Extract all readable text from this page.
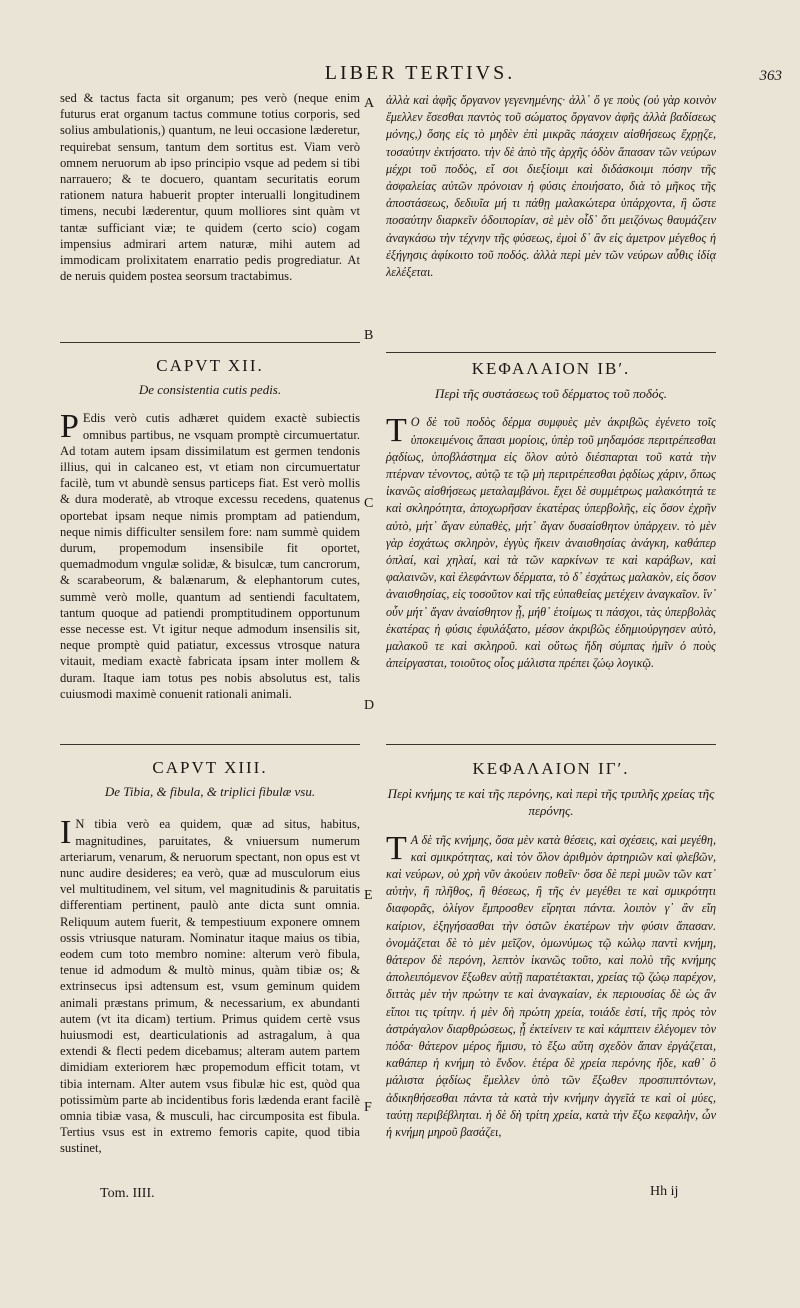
LIBER TERTIVS.	363

sed & tactus facta sit organum; pes verò (neque enim futurus erat organum tactus commune totius corporis, sed solius ambulationis,) quantum, ne leui occasione læderetur, requirebat sensum, tantum dem sortitus est. Viam verò omnem neruorum ab ipso principio vsque ad pedem si tibi narrauero; & te docuero, quantam securitatis eorum rationem natura habuerit propter interualli longitudinem timens, necubi læderentur, quum molliores sint quàm vt tantæ sufficiant viæ; te quidem (certo scio) cogam impensius admirari artem naturæ, mihi autem ad immodicam prolixitatem enarratio pedis progrediatur. At de neruis quidem postea seorsum tractabimus.

A ἀλλὰ καὶ ἁφῆς ὄργανον γεγενημένης· ἀλλ᾽ ὅ γε ποὺς (οὐ γὰρ κοινὸν ἔμελλεν ἔσεσθαι παντὸς τοῦ σώματος ὄργανον ἁφῆς ἀλλὰ βαδίσεως μόνης,) ὅσης εἰς τὸ μηδὲν ἐπὶ μικρᾶς πάσχειν αἰσθήσεως ἔχρῃζε, τοσαύτην ἐκτήσατο. τὴν δὲ ἀπὸ τῆς ἀρχῆς ὁδὸν ἅπασαν τῶν νεύρων μέχρι τοῦ ποδὸς, εἴ σοι διεξίοιμι καὶ διδάσκοιμι πόσην τῆς ἀσφαλείας αὐτῶν πρόνοιαν ἡ φύσις ἐποιήσατο, διὰ τὸ μῆκος τῆς ἀποστάσεως, δεδιυῖα μή τι πάθῃ μαλακώτερα ὑπάρχοντα, ἢ ὥστε ποσαύτην διαρκεῖν ὁδοιπορίαν, σὲ μὲν οἶδ᾽ ὅτι μειζόνως θαυμάζειν ἀναγκάσω τὴν τέχνην τῆς φύσεως, ἐμοὶ δ᾽ ἂν εἰς ἀμετρον μέγεθος ἡ ἐξήγησις ἀφίκοιτο τοῦ ποδός. ἀλλὰ περὶ μὲν τῶν νεύρων αὖθις ἰδίᾳ λελέξεται.

B

CAPVT XII.

De consistentia cutis pedis.

P Edis verò cutis adhæret quidem exactè subiectis omnibus partibus, ne vsquam promptè circumuertatur. Ad totam autem ipsam dissimilatum est germen tendonis illius, qui in calcaneo est, vt etiam non circumuertatur facilè, tum vt abundè sensus particeps fiat. Est verò mollis & dura moderatè, ab vtroque excessu recedens, quatenus oportebat ipsam neque nimis promptam ad patiendum, neque nimis difficulter sensilem fore: nam summè quidem durum, propemodum insensibile fit oportet, quemadmodum vngulæ solidæ, & bisulcæ, tum cancrorum, & scarabeorum, & balænarum, & elephantorum cutes, summè verò molle, quantum ad sentiendi facultatem, tantum quoque ad patiendi promptitudinem opportunum esse necesse est. Vt igitur neque admodum insensilis sit, neque promptè quid patiatur, excessus vtrosque natura vitauit, mediam exactè fabricata ipsam inter mollem & duram. Itaque iam totus pes nobis absolutus est, talis cuiusmodi maximè conuenit rationali animali.

ΚΕΦΑΛΑΙΟΝ ΙΒʹ.

Περὶ τῆς συστάσεως τοῦ δέρματος τοῦ ποδός.

Τ Ο δὲ τοῦ ποδὸς δέρμα συμφυὲς μὲν ἀκριβῶς ἐγένετο τοῖς ὑποκειμένοις ἅπασι μορίοις, ὑπὲρ τοῦ μηδαμόσε περιτρέπεσθαι ῥᾳδίως, ὑποβλάστημα εἰς ὅλον αὐτὸ διέσπαρται τοῦ κατὰ τὴν πτέρναν τένοντος, αὐτῷ τε τῷ μὴ περιτρέπεσθαι ῥᾳδίως χάριν, ὅπως ἱκανῶς αἰσθήσεως μεταλαμβάνοι. ἔχει δὲ συμμέτρως μαλακότητά τε καὶ σκληρότητα, ἀποχωρῆσαν ἑκατέρας ὑπερβολῆς, εἰς ὅσον ἐχρῆν αὐτὸ, μήτ᾽ ἄγαν εὐπαθὲς, μήτ᾽ ἄγαν δυσαίσθητον ὑπάρχειν. τὸ μὲν γὰρ ἐσχάτως σκληρὸν, ἐγγὺς ἥκειν ἀναισθησίας ἀνάγκη, καθάπερ ὁπλαί, καὶ χηλαί, καὶ τὰ τῶν καρκίνων τε καὶ καράβων, καὶ φαλαινῶν, καὶ ἐλεφάντων δέρματα, τὸ δ᾽ ἐσχάτως μαλακὸν, εἰς ὅσον ἀναισθησίας, εἰς τοσοῦτον καὶ τῆς εὐπαθείας μετέχειν ἀναγκαῖον. ἵν᾽ οὖν μήτ᾽ ἄγαν ἀναίσθητον ᾖ, μήθ᾽ ἑτοίμως τι πάσχοι, τὰς ὑπερβολὰς ἑκατέρας ἡ φύσις ἐφυλάξατο, μέσον ἀκριβῶς ἐδημιούργησεν αὐτὸ, μαλακοῦ τε καὶ σκληροῦ. καὶ οὕτως ἤδη σύμπας ἡμῖν ὁ ποὺς ἀπείργασται, τοιοῦτος οἷος μάλιστα πρέπει ζώῳ λογικῷ.

C
D

CAPVT XIII.

De Tibia, & fibula, & triplici fibulæ vsu.

I N tibia verò ea quidem, quæ ad situs, habitus, magnitudines, paruitates, & vniuersum numerum arteriarum, venarum, & neruorum spectant, non opus est vt nunc audire desideres; ea verò, quæ ad musculorum eius vel multitudinem, vel situm, vel magnitudinis & paruitatis differentiam pertinent, paulò ante dicta sunt omnia. Reliquum autem fuerit, & tempestiuum exponere omnem ossis vtriusque naturam. Nominatur itaque maius os tibia, eodem cum toto membro nomine: alterum verò fibula, tenue id admodum & multò minus, quàm tibiæ os; & extrinsecus ipsi adtensum est, vsum geminum quidem animali præstans primum, & necessarium, ex abundanti autem (vt ita dicam) tertium. Primus quidem certè vsus huiusmodi est, dearticulationis ad astragalum, à qua extendi & flecti pedem dicebamus; alteram autem partem dimidiam exteriorem hæc propemodum efficit totam, vt tibia internam. Alter autem vsus fibulæ hic est, quòd qua potissimùm parte ab incidentibus foris lædenda erant facilè omnia tibiæ vasa, & musculi, hac circumposita est fibula. Tertius vsus est in extremo femoris capite, quod tibia sustinet,

ΚΕΦΑΛΑΙΟΝ ΙΓʹ.

Περὶ κνήμης τε καὶ τῆς περόνης, καὶ περὶ τῆς τριπλῆς χρείας τῆς περόνης.

Τ Α δὲ τῆς κνήμης, ὅσα μὲν κατὰ θέσεις, καὶ σχέσεις, καὶ μεγέθη, καὶ σμικρότητας, καὶ τὸν ὅλον ἀριθμὸν ἀρτηριῶν καὶ φλεβῶν, καὶ νεύρων, οὐ χρὴ νῦν ἀκούειν ποθεῖν· ὅσα δὲ περὶ μυῶν τῶν κατ᾽ αὐτὴν, ἢ πλῆθος, ἢ θέσεως, ἢ τῆς ἐν μεγέθει τε καὶ σμικρότητι διαφορᾶς, ὀλίγον ἔμπροσθεν εἴρηται πάντα. λοιπὸν γ᾽ ἂν εἴη καίριον, ἐξηγήσασθαι τὴν ὀστῶν ἑκατέρων τὴν φύσιν ἅπασαν. ὀνομάζεται δὲ τὸ μὲν μεῖζον, ὁμωνύμως τῷ κώλῳ παντὶ κνήμη, θάτερον δὲ περόνη, λεπτὸν ἱκανῶς τοῦτο, καὶ πολὺ τῆς κνήμης ἀπολειπόμενον ἔξωθεν αὐτῇ παρατέτακται, χρείας τῷ ζώῳ παρέχον, διττὰς μὲν τὴν πρώτην τε καὶ ἀναγκαίαν, ἐκ περιουσίας δὲ ὡς ἂν εἴποι τις τρίτην. ἡ μὲν δὴ πρώτη χρεία, τοιάδε ἐστί, τῆς πρὸς τὸν ἀστράγαλον διαρθρώσεως, ᾗ ἐκτείνειν τε καὶ κάμπτειν ἐλέγομεν τὸν πόδα· θάτερον μέρος ἥμισυ, τὸ ἔξω αὕτη σχεδὸν ἅπαν ἐργάζεται, καθάπερ ἡ κνήμη τὸ ἔνδον. ἑτέρα δὲ χρεία περόνης ἥδε, καθ᾽ ὃ μάλιστα ῥᾳδίως ἔμελλεν ὑπὸ τῶν ἔξωθεν προσπιπτόντων, ἀδικηθήσεσθαι πάντα τὰ κατὰ τὴν κνήμην ἀγγεῖά τε καὶ οἱ μύες, ταύτῃ περιβέβληται. ἡ δὲ δὴ τρίτη χρεία, κατὰ τὴν ἔξω κεφαλὴν, ὧν ἡ κνήμη μηροῦ βασάζει,

E
F
Tom. IIII.	Hh ij
